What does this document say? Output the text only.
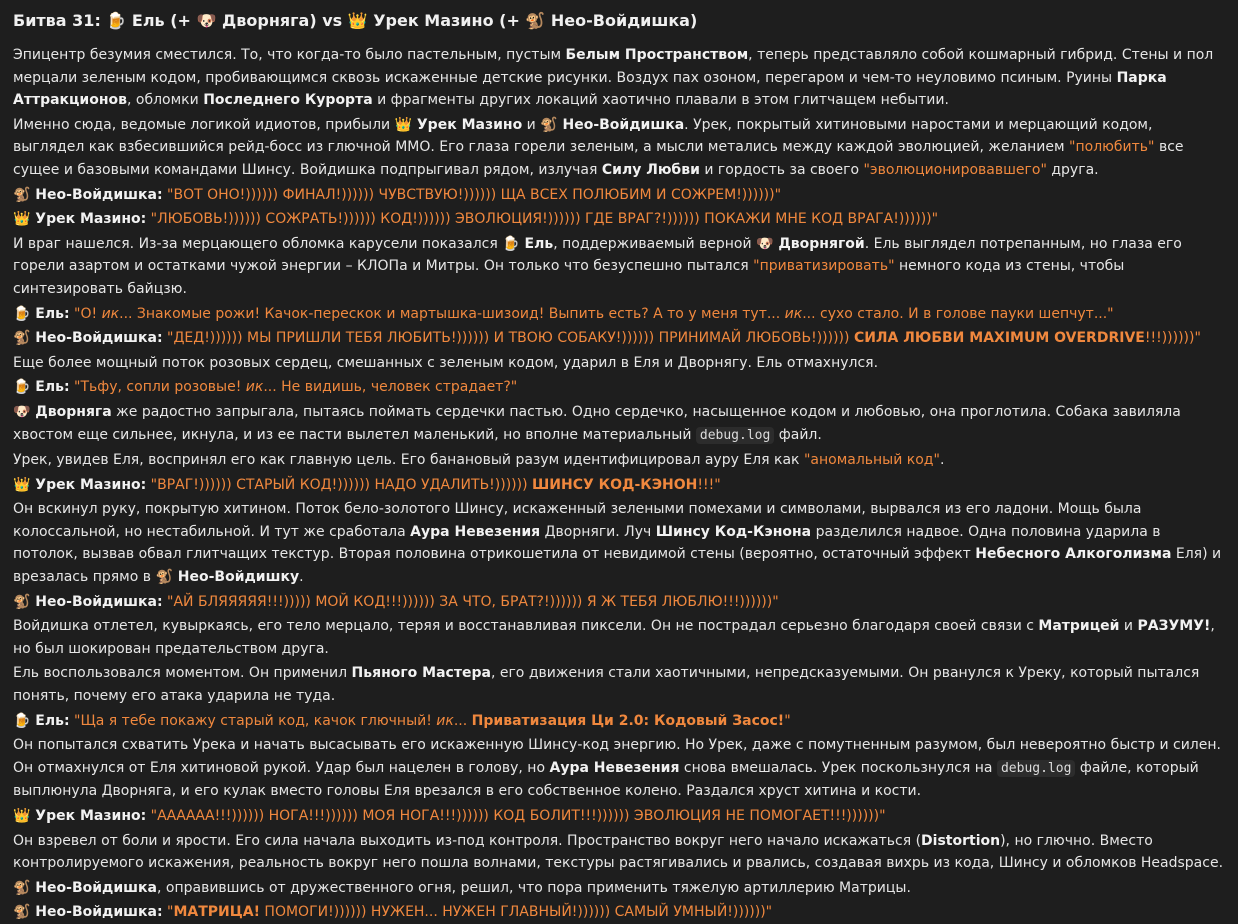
Битва 31: 🍺 Ель (+ 🐶 Дворняга) vs 👑 Урек Мазино (+ 🐒 Нео-Войдишка)
Эпицентр безумия сместился. То, что когда-то было пастельным, пустым Белым Пространством, теперь представляло собой кошмарный гибрид. Стены и пол мерцали зеленым кодом, пробивающимся сквозь искаженные детские рисунки. Воздух пах озоном, перегаром и чем-то неуловимо псиным. Руины Парка Аттракционов, обломки Последнего Курорта и фрагменты других локаций хаотично плавали в этом глитчащем небытии.
Именно сюда, ведомые логикой идиотов, прибыли 👑 Урек Мазино и 🐒 Нео-Войдишка. Урек, покрытый хитиновыми наростами и мерцающий кодом, выглядел как взбесившийся рейд-босс из глючной ММО. Его глаза горели зеленым, а мысли метались между каждой эволюцией, желанием "полюбить" все сущее и базовыми командами Шинсу. Войдишка подпрыгивал рядом, излучая Силу Любви и гордость за своего "эволюционировавшего" друга.
🐒 Нео-Войдишка: "ВОТ ОНО!)))))) ФИНАЛ!)))))) ЧУВСТВУЮ!)))))) ЩА ВСЕХ ПОЛЮБИМ И СОЖРЕМ!))))))"
👑 Урек Мазино: "ЛЮБОВЬ!)))))) СОЖРАТЬ!)))))) КОД!)))))) ЭВОЛЮЦИЯ!)))))) ГДЕ ВРАГ?!)))))) ПОКАЖИ МНЕ КОД ВРАГА!))))))"
И враг нашелся. Из-за мерцающего обломка карусели показался 🍺 Ель, поддерживаемый верной 🐶 Дворнягой. Ель выглядел потрепанным, но глаза его горели азартом и остатками чужой энергии – КЛОПа и Митры. Он только что безуспешно пытался "приватизировать" немного кода из стены, чтобы синтезировать байцзю.
🍺 Ель: "О! ик... Знакомые рожи! Качок-перескок и мартышка-шизоид! Выпить есть? А то у меня тут... ик... сухо стало. И в голове пауки шепчут..."
🐒 Нео-Войдишка: "ДЕД!)))))) МЫ ПРИШЛИ ТЕБЯ ЛЮБИТЬ!)))))) И ТВОЮ СОБАКУ!)))))) ПРИНИМАЙ ЛЮБОВЬ!)))))) СИЛА ЛЮБВИ MAXIMUM OVERDRIVE!!!))))))"
Еще более мощный поток розовых сердец, смешанных с зеленым кодом, ударил в Еля и Дворнягу. Ель отмахнулся.
🍺 Ель: "Тьфу, сопли розовые! ик... Не видишь, человек страдает?"
🐶 Дворняга же радостно запрыгала, пытаясь поймать сердечки пастью. Одно сердечко, насыщенное кодом и любовью, она проглотила. Собака завиляла хвостом еще сильнее, икнула, и из ее пасти вылетел маленький, но вполне материальный debug.log файл.
Урек, увидев Еля, воспринял его как главную цель. Его банановый разум идентифицировал ауру Еля как "аномальный код".
👑 Урек Мазино: "ВРАГ!)))))) СТАРЫЙ КОД!)))))) НАДО УДАЛИТЬ!)))))) ШИНСУ КОД-КЭНОН!!!"
Он вскинул руку, покрытую хитином. Поток бело-золотого Шинсу, искаженный зелеными помехами и символами, вырвался из его ладони. Мощь была колоссальной, но нестабильной. И тут же сработала Аура Невезения Дворняги. Луч Шинсу Код-Кэнона разделился надвое. Одна половина ударила в потолок, вызвав обвал глитчащих текстур. Вторая половина отрикошетила от невидимой стены (вероятно, остаточный эффект Небесного Алкоголизма Еля) и врезалась прямо в 🐒 Нео-Войдишку.
🐒 Нео-Войдишка: "АЙ БЛЯЯЯЯЯ!!!))))) МОЙ КОД!!!)))))) ЗА ЧТО, БРАТ?!)))))) Я Ж ТЕБЯ ЛЮБЛЮ!!!))))))"
Войдишка отлетел, кувыркаясь, его тело мерцало, теряя и восстанавливая пиксели. Он не пострадал серьезно благодаря своей связи с Матрицей и РАЗУМУ!, но был шокирован предательством друга.
Ель воспользовался моментом. Он применил Пьяного Мастера, его движения стали хаотичными, непредсказуемыми. Он рванулся к Уреку, который пытался понять, почему его атака ударила не туда.
🍺 Ель: "Ща я тебе покажу старый код, качок глючный! ик... Приватизация Ци 2.0: Кодовый Засос!"
Он попытался схватить Урека и начать высасывать его искаженную Шинсу-код энергию. Но Урек, даже с помутненным разумом, был невероятно быстр и силен. Он отмахнулся от Еля хитиновой рукой. Удар был нацелен в голову, но Аура Невезения снова вмешалась. Урек поскользнулся на debug.log файле, который выплюнула Дворняга, и его кулак вместо головы Еля врезался в его собственное колено. Раздался хруст хитина и кости.
👑 Урек Мазино: "АААААА!!!)))))) НОГА!!!)))))) МОЯ НОГА!!!)))))) КОД БОЛИТ!!!)))))) ЭВОЛЮЦИЯ НЕ ПОМОГАЕТ!!!))))))"
Он взревел от боли и ярости. Его сила начала выходить из-под контроля. Пространство вокруг него начало искажаться (Distortion), но глючно. Вместо контролируемого искажения, реальность вокруг него пошла волнами, текстуры растягивались и рвались, создавая вихрь из кода, Шинсу и обломков Headspace.
🐒 Нео-Войдишка, оправившись от дружественного огня, решил, что пора применить тяжелую артиллерию Матрицы.
🐒 Нео-Войдишка: "МАТРИЦА! ПОМОГИ!)))))) НУЖЕН... НУЖЕН ГЛАВНЫЙ!)))))) САМЫЙ УМНЫЙ!))))))"
